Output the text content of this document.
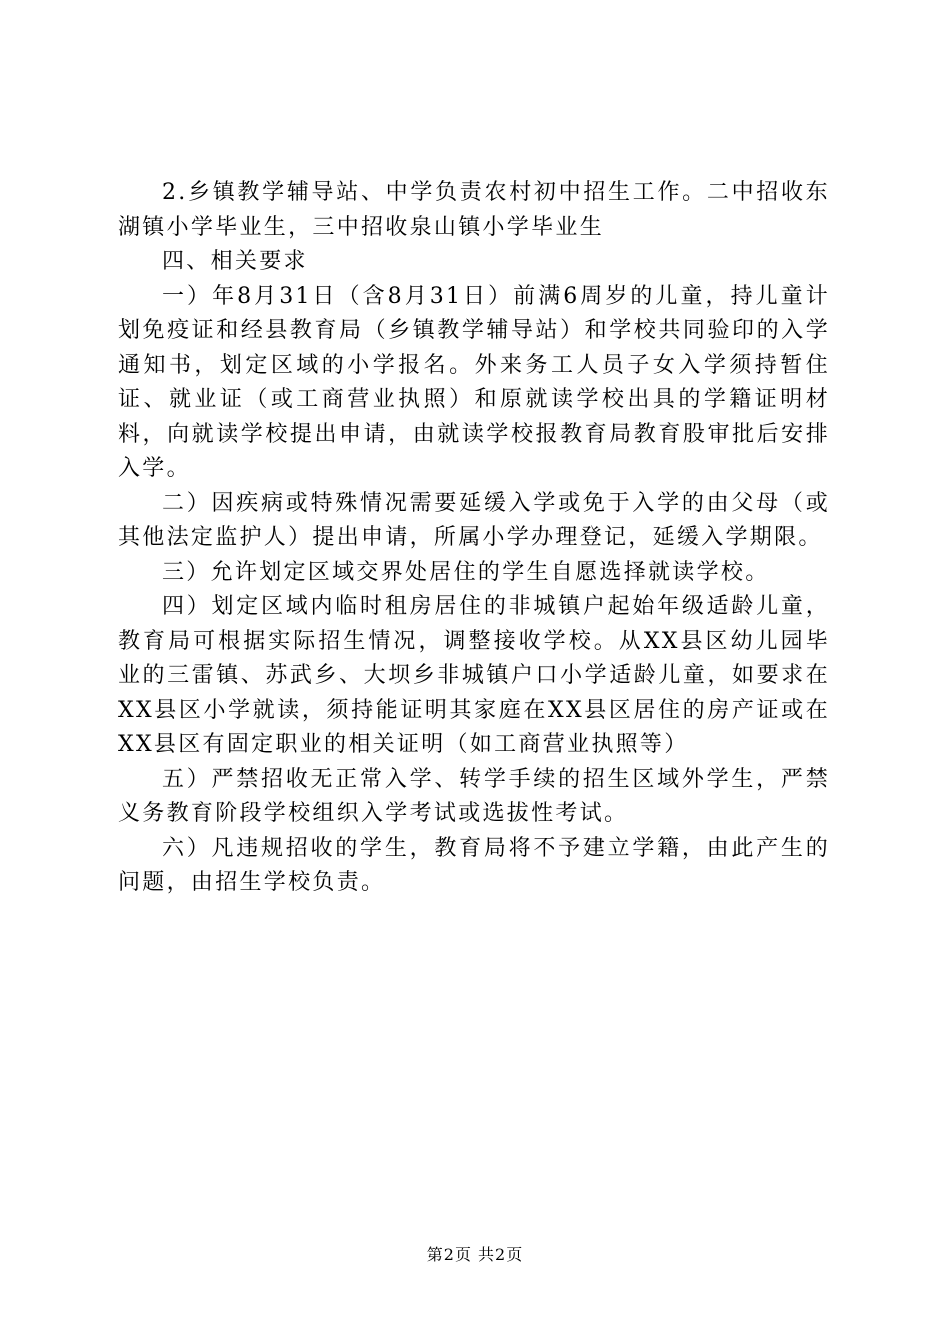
2.乡镇教学辅导站、中学负责农村初中招生工作。二中招收东湖镇小学毕业生，三中招收泉山镇小学毕业生

四、相关要求

一）年8月31日（含8月31日）前满6周岁的儿童，持儿童计划免疫证和经县教育局（乡镇教学辅导站）和学校共同验印的入学通知书，划定区域的小学报名。外来务工人员子女入学须持暂住证、就业证（或工商营业执照）和原就读学校出具的学籍证明材料，向就读学校提出申请，由就读学校报教育局教育股审批后安排入学。

二）因疾病或特殊情况需要延缓入学或免于入学的由父母（或其他法定监护人）提出申请，所属小学办理登记，延缓入学期限。

三）允许划定区域交界处居住的学生自愿选择就读学校。

四）划定区域内临时租房居住的非城镇户起始年级适龄儿童，教育局可根据实际招生情况，调整接收学校。从XX县区幼儿园毕业的三雷镇、苏武乡、大坝乡非城镇户口小学适龄儿童，如要求在XX县区小学就读，须持能证明其家庭在XX县区居住的房产证或在XX县区有固定职业的相关证明（如工商营业执照等）

五）严禁招收无正常入学、转学手续的招生区域外学生，严禁义务教育阶段学校组织入学考试或选拔性考试。

六）凡违规招收的学生，教育局将不予建立学籍，由此产生的问题，由招生学校负责。

第2页 共2页
